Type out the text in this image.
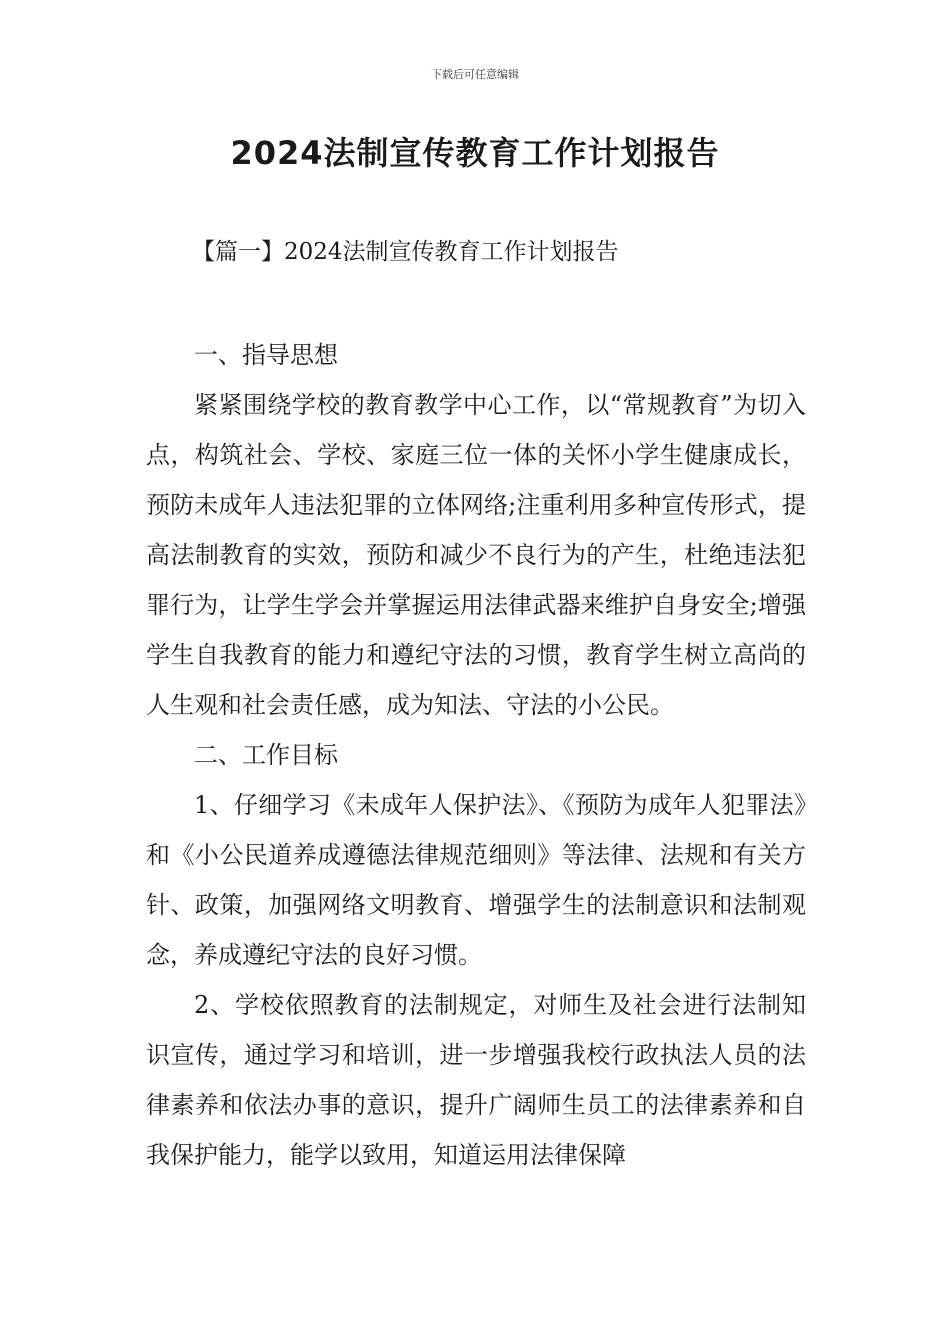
下载后可任意编辑
2024法制宣传教育工作计划报告
【篇一】2024法制宣传教育工作计划报告

一、指导思想

紧紧围绕学校的教育教学中心工作，以“常规教育”为切入点，构筑社会、学校、家庭三位一体的关怀小学生健康成长，预防未成年人违法犯罪的立体网络;注重利用多种宣传形式，提高法制教育的实效，预防和减少不良行为的产生，杜绝违法犯罪行为，让学生学会并掌握运用法律武器来维护自身安全;增强学生自我教育的能力和遵纪守法的习惯，教育学生树立高尚的人生观和社会责任感，成为知法、守法的小公民。

二、工作目标

1、仔细学习《未成年人保护法》、《预防为成年人犯罪法》和《小公民道养成遵德法律规范细则》等法律、法规和有关方针、政策，加强网络文明教育、增强学生的法制意识和法制观念，养成遵纪守法的良好习惯。

2、学校依照教育的法制规定，对师生及社会进行法制知识宣传，通过学习和培训，进一步增强我校行政执法人员的法律素养和依法办事的意识，提升广阔师生员工的法律素养和自我保护能力，能学以致用，知道运用法律保障
